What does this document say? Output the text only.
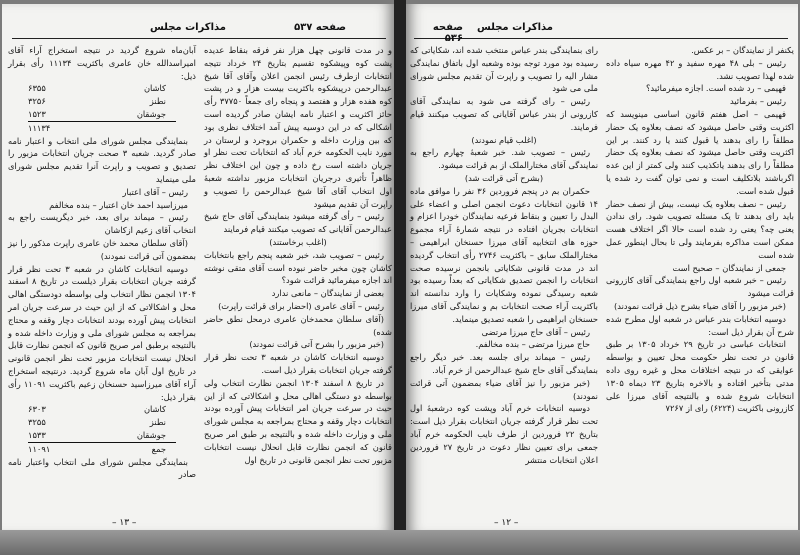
مذاکرات مجلس	صفحه ۵۳۷

و در مدت قانونی چهل هزار نفر فرقه بنقاط عدیده پشت کوه وپیشکوه تقسیم بتاریخ ۲۴ خرداد نتیجه انتخابات ازطرف رئیس انجمن اعلان وآقای آقا شیخ عبدالرحمن درپیشکوه باکثریت بیست هزار و در پشت کوه هفده هزار و هفتصد و پنجاه رای جمعاً ۳۷۷۵۰ رأی حائز اکثریت و اعتبار نامه ایشان صادر گردیده است اشکالی که در این دوسیه پیش آمد اختلاف نظری بود که بین وزارت داخله و حکمران بروجرد و لرستان در مورد نایب الحکومه خرم آباد که انتخابات تحت نظر او جریان داشته است رخ داده و چون این اختلاف نظر ظاهراً تأثیری درجریان انتخابات مزبور نداشته شعبهٔ اول انتخاب آقای آقا شیخ عبدالرحمن را تصویب و راپرت آن تقدیم میشود

رئیس – رأی گرفته میشود بنمایندگی آقای حاج شیخ عبدالرحمن آقایانی که تصویب میکنند قیام فرمایند

(اغلب برخاستند)

رئیس – تصویب شد، خبر شعبه پنجم راجع بانتخابات کاشان چون مخبر حاضر نبوده است آقای متقی نوشته اند اجازه میفرمائید قرائت شود؟

بعضی از نمایندگان – مانعی ندارد

رئیس – آقای عامری (احضار برای قرائت راپرت)

(آقای سلطان محمدخان عامری درمحل نطق حاضر شده)

(خبر مزبور را بشرح آتی قرائت نمودند)

دوسیه انتخابات کاشان در شعبه ۳ تحت نظر قرار گرفته جریان انتخابات بقرار ذیل است.

در تاریخ ۸ اسفند ۱۳۰۴ انجمن نظارت انتخاب ولی بواسطه دو دستگی اهالی محل و اشکالاتی که از این حیث در سرعت جریان امر انتخابات پیش آورده بودند انتخابات دچار وقفه و محتاج بمراجعه به مجلس شورای ملی و وزارت داخله شده و بالنتیجه بر طبق امر صریح قانون که انجمن نظارت قابل انحلال نیست انتخابات مزبور تحت نظر انجمن قانونی در تاریخ اول

آبان‌ماه شروع گردید در نتیجه استخراج آراء آقای امیراسدالله خان عامری باکثریت ۱۱۱۳۴ رأی بقرار ذیل:

کاشان
۶۳۵۵
نطنز
۳۲۵۶
جوشقان
۱۵۲۳
۱۱۱۳۴

بنمایندگی مجلس شورای ملی انتخاب و اعتبار نامه صادر گردید. شعبه ۳ صحت جریان انتخابات مزبور را تصدیق و تصویب و راپرت آنرا تقدیم مجلس شورای ملی مینماید

رئیس – آقای اعتبار

میرزاسید احمد خان اعتبار – بنده مخالفم

رئیس – میماند برای بعد، خبر دیگریست راجع به انتخاب آقای زعیم ازکاشان

(آقای سلطان محمد خان عامری راپرت مذکور را نیز بمضمون آتی قرائت نمودند)

دوسیه انتخابات کاشان در شعبه ۳ تحت نظر قرار گرفته جریان انتخابات بقرار ذیلست در تاریخ ۸ اسفند ۱۳۰۴ انجمن نظار انتخاب ولی بواسطه دودستگی اهالی محل و اشکالاتی که از این حیث در سرعت جریان امر انتخابات پیش آورده بودند انتخابات دچار وقفه و محتاج بمراجعه به مجلس شورای ملی و وزارت داخله شده و بالنتیجه برطبق امر صریح قانون که انجمن نظارت قابل انحلال نیست انتخابات مزبور تحت نظر انجمن قانونی در تاریخ اول آبان ماه شروع گردید. درنتیجه استخراج آراء آقای میرزاسید حسنخان زعیم باکثریت ۱۱۰۹۱ رأی بقرار ذیل:

کاشان
۶۳۰۳
نطنز
۳۲۵۵
جوشقان
۱۵۳۳
جمع
۱۱۰۹۱

بنمایندگی مجلس شورای ملی انتخاب واعتبار نامه صادر

– ۱۳ –
مذاکرات مجلس
صفحه ۵۳۶

یکنفر از نمایندگان – بر عکس.

رئیس – بلی ۴۸ مهره سفید و ۴۲ مهره سیاه داده شده لهذا تصویب نشد.

فهیمی – رد شده است. اجازه میفرمائید؟

رئیس – بفرمائید

فهیمی – اصل هفتم قانون اساسی مینویسد که اکثریت وقتی حاصل میشود که نصف بعلاوه یک حضار مطلقاً را رای بدهند یا قبول کنند یا رد کنند. بر این اکثریت وقتی حاصل میشود که نصف بعلاوه یک حضار مطلقاً را رای بدهند یاتکذیب کنند ولی کمتر از این عده اگرباشند بلاتکلیف است و نمی توان گفت رد شده یا قبول شده است.

رئیس – نصف بعلاوه یک نیست، بیش از نصف حضار باید رای بدهند تا یک مسئله تصویب شود. رای ندادن یعنی چه؟ یعنی رد شده است حالا اگر اختلاف هست ممکن است مذاکره بفرمایند ولی تا بحال اینطور عمل شده است

جمعی از نمایندگان – صحیح است

رئیس – خبر شعبه اول راجع بنمایندگی آقای کازرونی قرائت میشود

(خبر مزبور را آقای ضیاء بشرح ذیل قرائت نمودند)

دوسیه انتخابات بندر عباس در شعبه اول مطرح شده شرح آن بقرار ذیل است:

انتخابات عباسی در تاریخ ۲۹ خرداد ۱۳۰۵ بر طبق قانون در تحت نظر حکومت محل تعیین و بواسطه عوایقی که در نتیجه اختلافات محل و غیره روی داده مدتی بتأخیر افتاده و بالاخره بتاریخ ۲۳ دیماه ۱۳۰۵ انتخابات شروع شده و بالنتیجه آقای میرزا علی کازرونی باکثریت (۶۲۲۴) رای از ۷۲۶۷

رای بنمایندگی بندر عباس منتخب شده اند، شکایاتی که رسیده بود مورد توجه بوده وشعبه اول باتفاق نمایندگی مشار الیه را تصویب و راپرت آن تقدیم مجلس شورای ملی می شود

رئیس – رای گرفته می شود به نمایندگی آقای کازرونی از بندر عباس آقایانی که تصویب میکنند قیام فرمایند.

(اغلب قیام نمودند)

رئیس – تصویب شد. خبر شعبهٔ چهارم راجع به نمایندگی آقای مختارالملک از بم قرائت میشود.

(بشرح آتی قرائت شد)

حکمران بم در پنجم فروردین ۳۶ نفر را موافق ماده ۱۴ قانون انتخابات دعوت انجمن اصلی و اعضاء علی البدل را تعیین و بنقاط فرعیه نمایندگان خودرا اعزام و انتخابات بجریان افتاده در نتیجه شمارهٔ آراء مجموع حوزه های انتخابیه آقای میرزا حسنخان ابراهیمی – مختارالملک سابق – باکثریت ۲۷۴۶ رأی انتخاب گردیده اند در مدت قانونی شکایاتی بانجمن نرسیده صحت انتخابات را انجمن تصدیق شکایاتی که بعداً رسیده بود شعبه رسیدگی نموده وشکایات را وارد ندانسته اند باکثریت آراء صحت انتخابات بم و نمایندگی آقای میرزا حسنخان ابراهیمی را شعبه تصدیق مینماید.

رئیس – آقای حاج میرزا مرتضی

حاج میرزا مرتضی – بنده مخالفم.

رئیس – میماند برای جلسه بعد. خبر دیگر راجع بنمایندگی آقای حاج شیخ عبدالرحمن از خرم آباد.

(خبر مزبور را نیز آقای ضیاء بمضمون آتی قرائت نمودند)

دوسیه انتخابات خرم آباد وپشت کوه درشعبهٔ اول تحت نظر قرار گرفته جریان انتخابات بقرار ذیل است: بتاریخ ۲۲ فروردین از طرف نایب الحکومه خرم آباد جمعی برای تعیین نظار دعوت در تاریخ ۲۷ فروردین اعلان انتخابات منتشر

– ۱۲ –
